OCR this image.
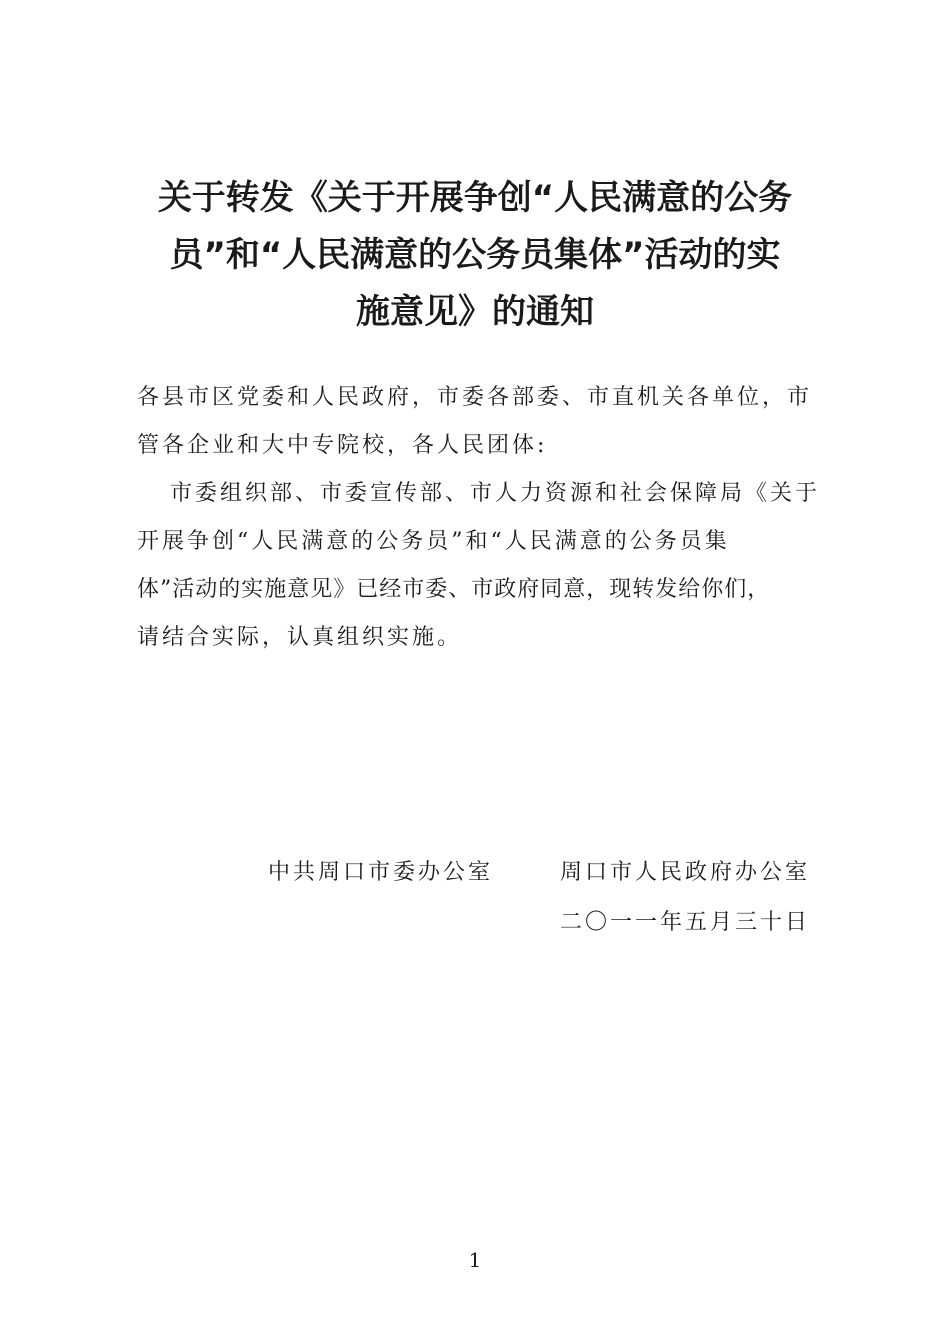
关于转发《关于开展争创“人民满意的公务
员”和“人民满意的公务员集体”活动的实
施意见》的通知
各县市区党委和人民政府，市委各部委、市直机关各单位，市
管各企业和大中专院校，各人民团体:
市委组织部、市委宣传部、市人力资源和社会保障局《关于
开展争创“人民满意的公务员”和“人民满意的公务员集
体”活动的实施意见》已经市委、市政府同意，现转发给你们，
请结合实际，认真组织实施。
中共周口市委办公室	周口市人民政府办公室
二〇一一年五月三十日
1
